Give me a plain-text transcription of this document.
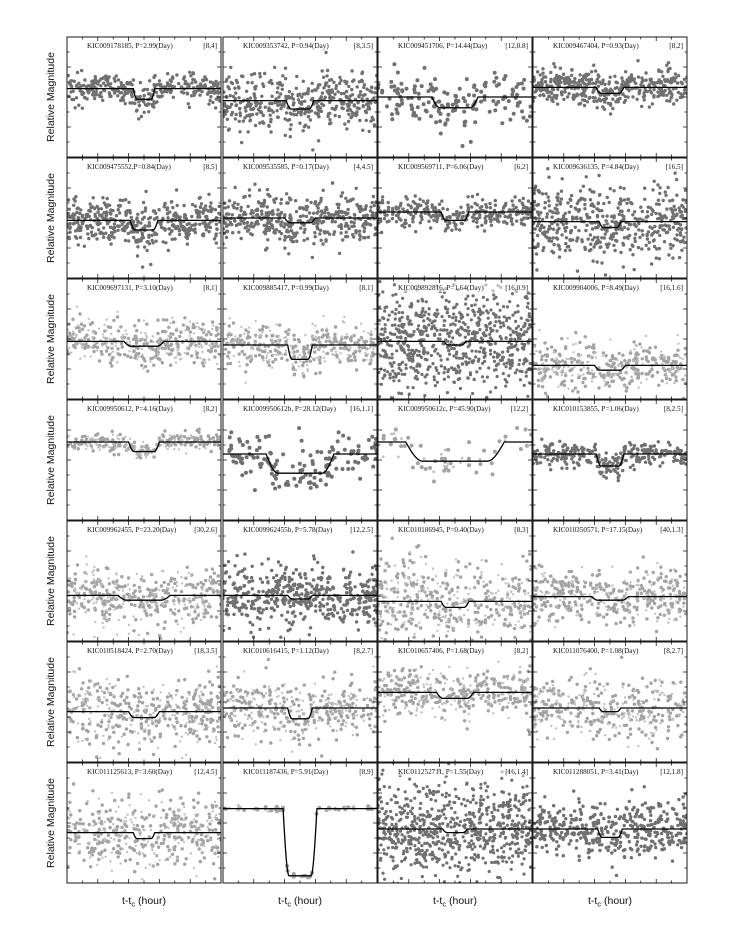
KIC009178185, P=2.99(Day)	[8,4]	KIC009353742, P=0.94(Day)	[8,3.5]	KIC009451706, P=14.44(Day) [12,0.8]	KIC009467404, P=0.93(Day)	[8,2]
KIC009475552,P=0.84(Day)	[8,5]	KIC009535585, P=0.17(Day)	[4,4.5]	KIC009569711, P=6.06(Day)	[6,2]	KIC009636135, P=4.84(Day)	[16,5]
KIC009697131, P=3.10(Day)	[8,1]	KIC009885417, P=0.99(Day)	[8,1]	KIC009892816, P=1.64(Day)	[16,0.9]	KIC009904006, P=8.49(Day)	[16,1.6]
KIC009950612, P=4.16(Day)	[8,2]	KIC009950612b, P=28.12(Day) [16,1.1]	KIC009950612c, P=45.90(Day)	[12,2]	KIC010153855, P=1.06(Day)	[8,2.5]
KIC009962455, P=23.20(Day) [30,2.6]	KIC009962455b, P=5.78(Day) [12,2.5]	KIC010186945, P=0.40(Day)	[8,3]	KIC010350571, P=17.15(Day) [40,1.3]
KIC010518424, P=2.70(Day)	[18,3.5]	KIC010616415, P=1.12(Day)	[8,2.7]	KIC010657406, P=1.68(Day)	[8,2]	KIC011076400, P=1.08(Day)	[8,2.7]
KIC011125613, P=3.60(Day)	[12,4.5]	KIC011187436, P=5.91(Day)	[8,9]	KIC011252711, P=1.55(Day)	[16,1.4]	KIC011288051, P=3.41(Day)	[12,1.8]
Relative Magnitude
Relative Magnitude
Relative Magnitude
Relative Magnitude
Relative Magnitude
Relative Magnitude
Relative Magnitude
$t-t_c$ (hour)	$t-t_c$ (hour)	$t-t_c$ (hour)	$t-t_c$ (hour)
